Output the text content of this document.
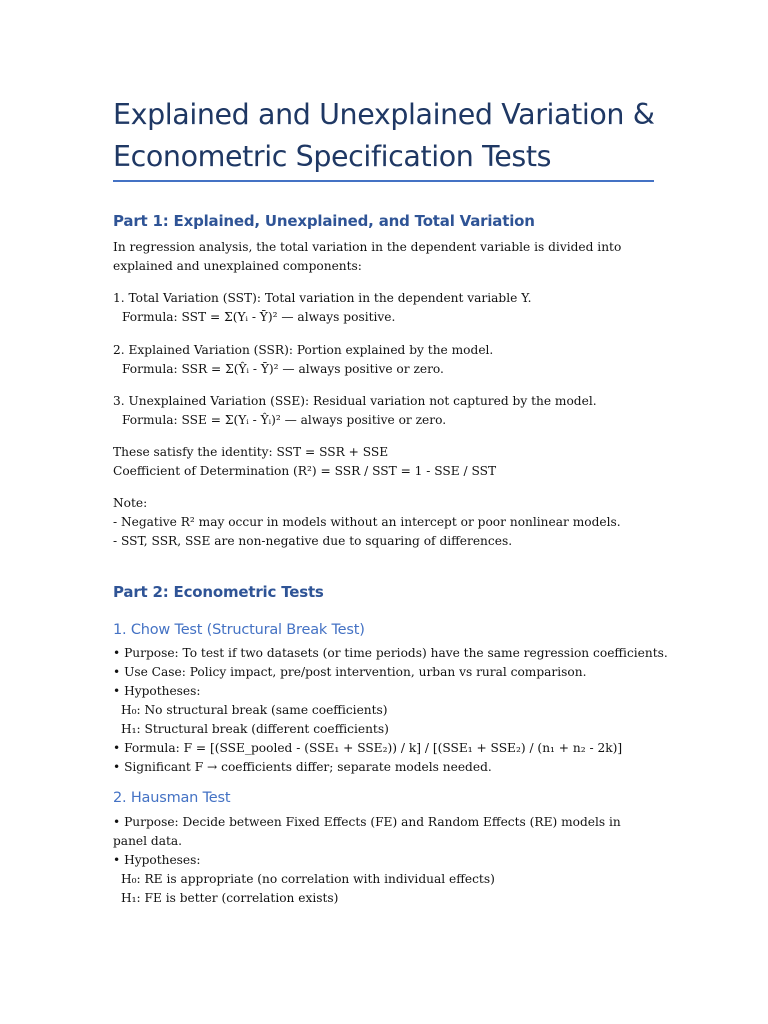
Explained and Unexplained Variation &
Econometric Specification Tests
Part 1: Explained, Unexplained, and Total Variation
In regression analysis, the total variation in the dependent variable is divided into explained and unexplained components:
1. Total Variation (SST): Total variation in the dependent variable Y.
Formula: SST = Σ(Yᵢ - Ȳ)² — always positive.
2. Explained Variation (SSR): Portion explained by the model.
Formula: SSR = Σ(Ŷᵢ - Ȳ)² — always positive or zero.
3. Unexplained Variation (SSE): Residual variation not captured by the model.
Formula: SSE = Σ(Yᵢ - Ŷᵢ)² — always positive or zero.
These satisfy the identity: SST = SSR + SSE
Coefficient of Determination (R²) = SSR / SST = 1 - SSE / SST
Note:
- Negative R² may occur in models without an intercept or poor nonlinear models.
- SST, SSR, SSE are non-negative due to squaring of differences.
Part 2: Econometric Tests
1. Chow Test (Structural Break Test)
• Purpose: To test if two datasets (or time periods) have the same regression coefficients.
• Use Case: Policy impact, pre/post intervention, urban vs rural comparison.
• Hypotheses:
H₀: No structural break (same coefficients)
H₁: Structural break (different coefficients)
• Formula: F = [(SSE_pooled - (SSE₁ + SSE₂)) / k] / [(SSE₁ + SSE₂) / (n₁ + n₂ - 2k)]
• Significant F → coefficients differ; separate models needed.
2. Hausman Test
• Purpose: Decide between Fixed Effects (FE) and Random Effects (RE) models in panel data.
• Hypotheses:
H₀: RE is appropriate (no correlation with individual effects)
H₁: FE is better (correlation exists)
